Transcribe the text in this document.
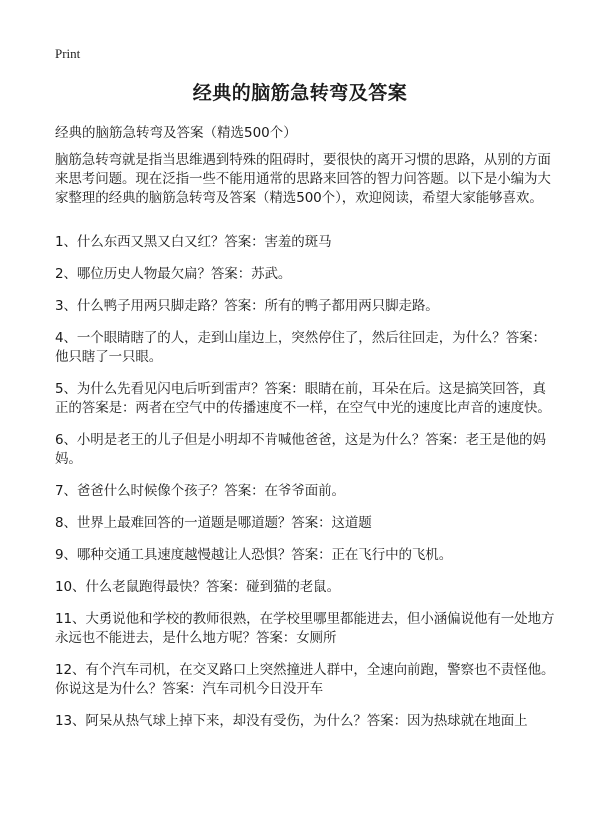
Print
经典的脑筋急转弯及答案

经典的脑筋急转弯及答案（精选500个）

脑筋急转弯就是指当思维遇到特殊的阻碍时，要很快的离开习惯的思路，从别的方面来思考问题。现在泛指一些不能用通常的思路来回答的智力问答题。以下是小编为大家整理的经典的脑筋急转弯及答案（精选500个），欢迎阅读，希望大家能够喜欢。

1、什么东西又黑又白又红？答案：害羞的斑马
2、哪位历史人物最欠扁？答案：苏武。
3、什么鸭子用两只脚走路？答案：所有的鸭子都用两只脚走路。
4、一个眼睛瞎了的人，走到山崖边上，突然停住了，然后往回走，为什么？答案：他只瞎了一只眼。
5、为什么先看见闪电后听到雷声？答案：眼睛在前，耳朵在后。这是搞笑回答，真正的答案是：两者在空气中的传播速度不一样，在空气中光的速度比声音的速度快。
6、小明是老王的儿子但是小明却不肯喊他爸爸，这是为什么？答案：老王是他的妈妈。
7、爸爸什么时候像个孩子？答案：在爷爷面前。
8、世界上最难回答的一道题是哪道题？答案：这道题
9、哪种交通工具速度越慢越让人恐惧？答案：正在飞行中的飞机。
10、什么老鼠跑得最快？答案：碰到猫的老鼠。
11、大勇说他和学校的教师很熟，在学校里哪里都能进去，但小涵偏说他有一处地方永远也不能进去，是什么地方呢？答案：女厕所
12、有个汽车司机，在交叉路口上突然撞进人群中，全速向前跑，警察也不责怪他。你说这是为什么？答案：汽车司机今日没开车
13、阿呆从热气球上掉下来，却没有受伤，为什么？答案：因为热球就在地面上
